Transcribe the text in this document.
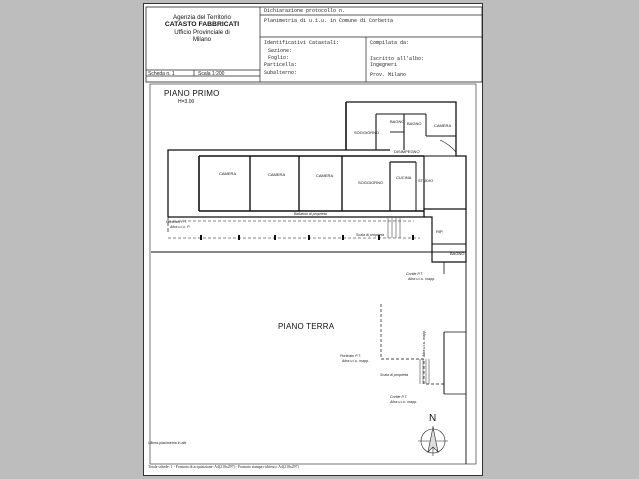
Agenzia del Territorio
CATASTO FABBRICATI
Ufficio Provinciale di
Milano
Dichiarazione protocollo n.
Planimetria di u.i.u. in Comune di Corbetta
Identificativi Catastali:
Sezione:
Foglio:
Particella:
Subalterno:
Compilata da:
Iscritto all'albo:
Ingegneri
Prov. Milano
Scheda n. 1	Scala 1:200
PIANO PRIMO
H=3.00
PIANO TERRA
N
SOGGIORNO
BAGNO BAGNO	CAMERA
DISIMPEGNO
CAMERA	CAMERA	CAMERA
SOGGIORNO
CUCINA
STUDIO
RIP.
BAGNO
Ballatoio di proprietà
Porticato P.T.
Altra u.i.u. P.
Scala di proprietà
Cortile P.T.
Altra u.i.u. mapp.
Porticato P.T.
Altra u.i.u. mapp.
Scala di proprietà
Cortile P.T.
Altra u.i.u. mapp.
Altra u.i.u. mapp.
Ultima planimetria in atti
Totale schede: 1 - Formato di acquisizione: A4(210x297) - Formato stampa richiesto: A4(210x297)
